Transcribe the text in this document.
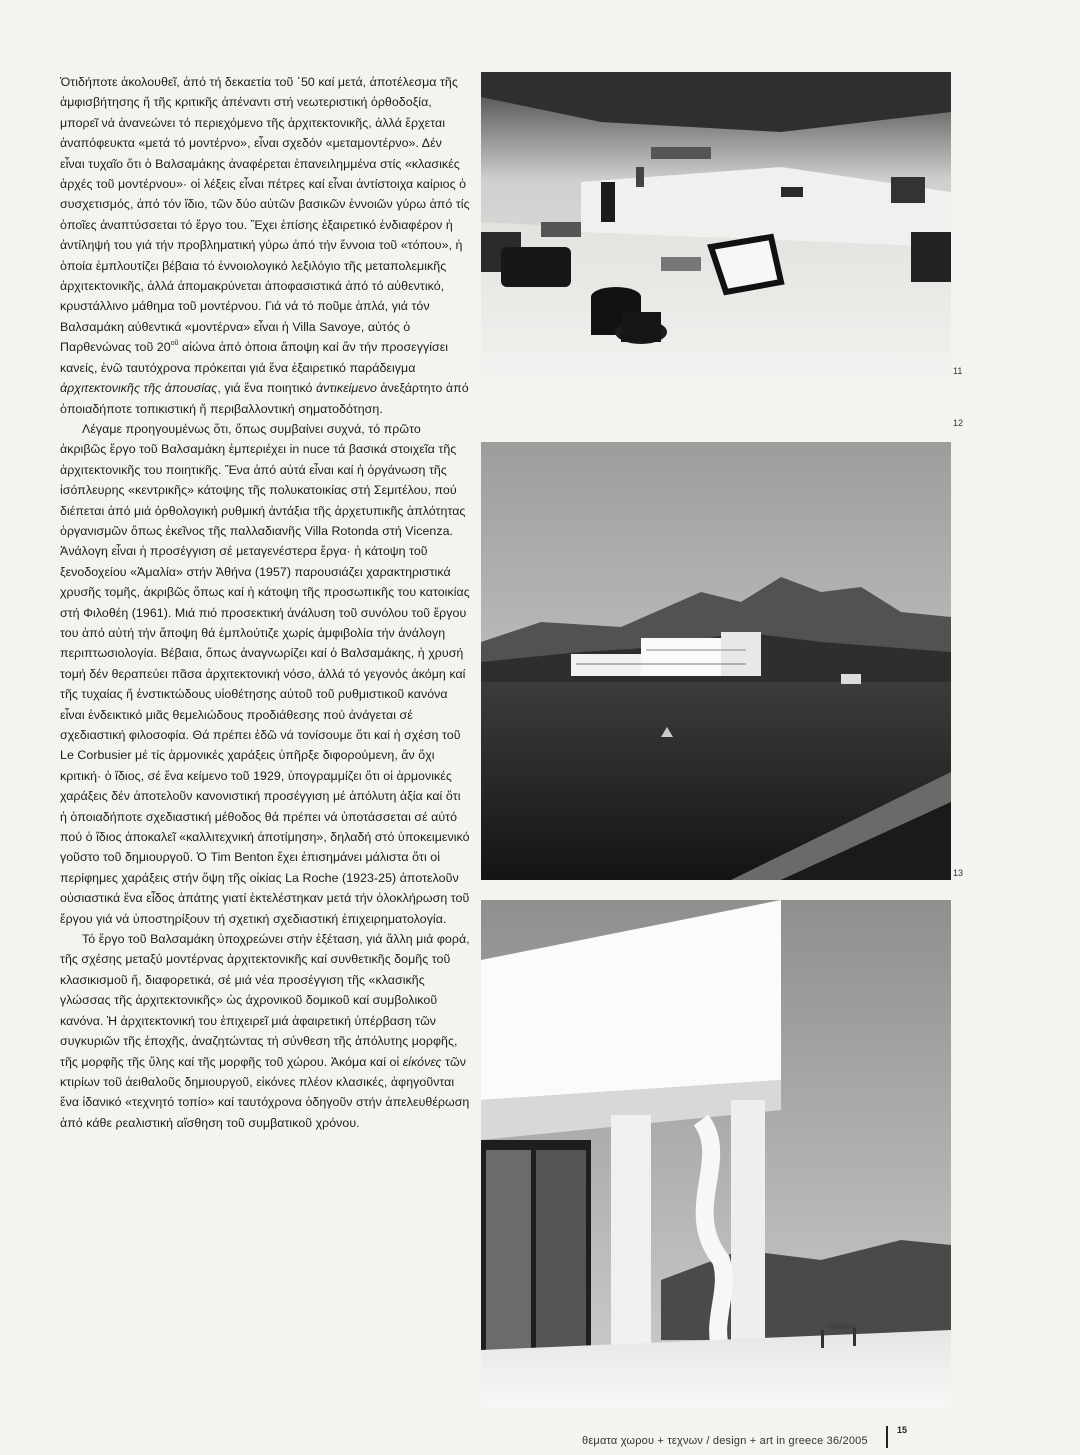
Ὁτιδήποτε ἀκολουθεῖ, ἀπό τή δεκαετία τοῦ ΄50 καί μετά, ἀποτέλεσμα τῆς ἀμφισβήτησης ἤ τῆς κριτικῆς ἀπέναντι στή νεωτεριστική ὀρθοδοξία, μπορεῖ νά ἀνανεώνει τό περιεχόμενο τῆς ἀρχιτεκτονικῆς, ἀλλά ἔρχεται ἀναπόφευκτα «μετά τό μοντέρνο», εἶναι σχεδόν «μεταμοντέρνο». Δέν εἶναι τυχαῖο ὅτι ὁ Βαλσαμάκης ἀναφέρεται ἐπανειλημμένα στίς «κλασικές ἀρχές τοῦ μοντέρνου»· οἱ λέξεις εἶναι πέτρες καί εἶναι ἀντίστοιχα καίριος ὁ συσχετισμός, ἀπό τόν ἴδιο, τῶν δύο αὐτῶν βασικῶν ἐννοιῶν γύρω ἀπό τίς ὁποῖες ἀναπτύσσεται τό ἔργο του. Ἔχει ἐπίσης ἐξαιρετικό ἐνδιαφέρον ἡ ἀντίληψή του γιά τήν προβληματική γύρω ἀπό τήν ἔννοια τοῦ «τόπου», ἡ ὁποία ἐμπλουτίζει βέβαια τό ἐννοιολογικό λεξιλόγιο τῆς μεταπολεμικῆς ἀρχιτεκτονικῆς, ἀλλά ἀπομακρύνεται ἀποφασιστικά ἀπό τό αὐθεντικό, κρυστάλλινο μάθημα τοῦ μοντέρνου. Γιά νά τό ποῦμε ἁπλά, γιά τόν Βαλσαμάκη αὐθεντικά «μοντέρνα» εἶναι ἡ Villa Savoye, αὐτός ὁ Παρθενώνας τοῦ $20^{oῦ}$ αἰώνα ἀπό ὁποια ἄποψη καί ἄν τήν προσεγγίσει κανείς, ἐνῶ ταυτόχρονα πρόκειται γιά ἕνα ἐξαιρετικό παράδειγμα ἀρχιτεκτονικῆς τῆς ἀπουσίας, γιά ἕνα ποιητικό ἀντικείμενο ἀνεξάρτητο ἀπό ὁποιαδήποτε τοπικιστική ἤ περιβαλλοντική σηματοδότηση.

Λέγαμε προηγουμένως ὅτι, ὅπως συμβαίνει συχνά, τό πρῶτο ἀκριβῶς ἔργο τοῦ Βαλσαμάκη ἐμπεριέχει in nuce τά βασικά στοιχεῖα τῆς ἀρχιτεκτονικῆς του ποιητικῆς. Ἕνα ἀπό αὐτά εἶναι καί ἡ ὀργάνωση τῆς ἰσόπλευρης «κεντρικῆς» κάτοψης τῆς πολυκατοικίας στή Σεμιτέλου, πού διέπεται ἀπό μιά ὀρθολογική ρυθμική ἀντάξια τῆς ἀρχετυπικῆς ἁπλότητας ὀργανισμῶν ὅπως ἐκεῖνος τῆς παλλαδιανῆς Villa Rotonda στή Vicenza. Ἀνάλογη εἶναι ἡ προσέγγιση σέ μεταγενέστερα ἔργα· ἡ κάτοψη τοῦ ξενοδοχείου «Ἀμαλία» στήν Ἀθήνα (1957) παρουσιάζει χαρακτηριστικά χρυσῆς τομῆς, ἀκριβῶς ὅπως καί ἡ κάτοψη τῆς προσωπικῆς του κατοικίας στή Φιλοθέη (1961). Μιά πιό προσεκτική ἀνάλυση τοῦ συνόλου τοῦ ἔργου του ἀπό αὐτή τήν ἄποψη θά ἐμπλούτιζε χωρίς ἀμφιβολία τήν ἀνάλογη περιπτωσιολογία. Βέβαια, ὅπως ἀναγνωρίζει καί ὁ Βαλσαμάκης, ἡ χρυσή τομή δέν θεραπεύει πᾶσα ἀρχιτεκτονική νόσο, ἀλλά τό γεγονός ἀκόμη καί τῆς τυχαίας ἤ ἐνστικτώδους υἱοθέτησης αὐτοῦ τοῦ ρυθμιστικοῦ κανόνα εἶναι ἐνδεικτικό μιᾶς θεμελιώδους προδιάθεσης πού ἀνάγεται σέ σχεδιαστική φιλοσοφία. Θά πρέπει ἐδῶ νά τονίσουμε ὅτι καί ἡ σχέση τοῦ Le Corbusier μέ τίς ἁρμονικές χαράξεις ὑπῆρξε διφορούμενη, ἄν ὄχι κριτική· ὁ ἴδιος, σέ ἕνα κείμενο τοῦ 1929, ὑπογραμμίζει ὅτι οἱ ἁρμονικές χαράξεις δέν ἀποτελοῦν κανονιστική προσέγγιση μέ ἀπόλυτη ἀξία καί ὅτι ἡ ὁποιαδήποτε σχεδιαστική μέθοδος θά πρέπει νά ὑποτάσσεται σέ αὐτό πού ὁ ἴδιος ἀποκαλεῖ «καλλιτεχνική ἀποτίμηση», δηλαδή στό ὑποκειμενικό γοῦστο τοῦ δημιουργοῦ. Ὁ Tim Benton ἔχει ἐπισημάνει μάλιστα ὅτι οἱ περίφημες χαράξεις στήν ὄψη τῆς οἰκίας La Roche (1923-25) ἀποτελοῦν οὐσιαστικά ἕνα εἶδος ἀπάτης γιατί ἐκτελέστηκαν μετά τήν ὁλοκλήρωση τοῦ ἔργου γιά νά ὑποστηρίξουν τή σχετική σχεδιαστική ἐπιχειρηματολογία.

Τό ἔργο τοῦ Βαλσαμάκη ὑποχρεώνει στήν ἐξέταση, γιά ἄλλη μιά φορά, τῆς σχέσης μεταξύ μοντέρνας ἀρχιτεκτονικῆς καί συνθετικῆς δομῆς τοῦ κλασικισμοῦ ἤ, διαφορετικά, σέ μιά νέα προσέγγιση τῆς «κλασικῆς γλώσσας τῆς ἀρχιτεκτονικῆς» ὡς ἀχρονικοῦ δομικοῦ καί συμβολικοῦ κανόνα. Ἡ ἀρχιτεκτονική του ἐπιχειρεῖ μιά ἀφαιρετική ὑπέρβαση τῶν συγκυριῶν τῆς ἐποχῆς, ἀναζητώντας τή σύνθεση τῆς ἀπόλυτης μορφῆς, τῆς μορφῆς τῆς ὕλης καί τῆς μορφῆς τοῦ χώρου. Ἀκόμα καί οἱ εἰκόνες τῶν κτιρίων τοῦ ἀειθαλοῦς δημιουργοῦ, εἰκόνες πλέον κλασικές, ἀφηγοῦνται ἕνα ἰδανικό «τεχνητό τοπίο» καί ταυτόχρονα ὁδηγοῦν στήν ἀπελευθέρωση ἀπό κάθε ρεαλιστική αἴσθηση τοῦ συμβατικοῦ χρόνου.

11
12
13
θεματα χωρου + τεχνων / design + art in greece 36/2005
15
